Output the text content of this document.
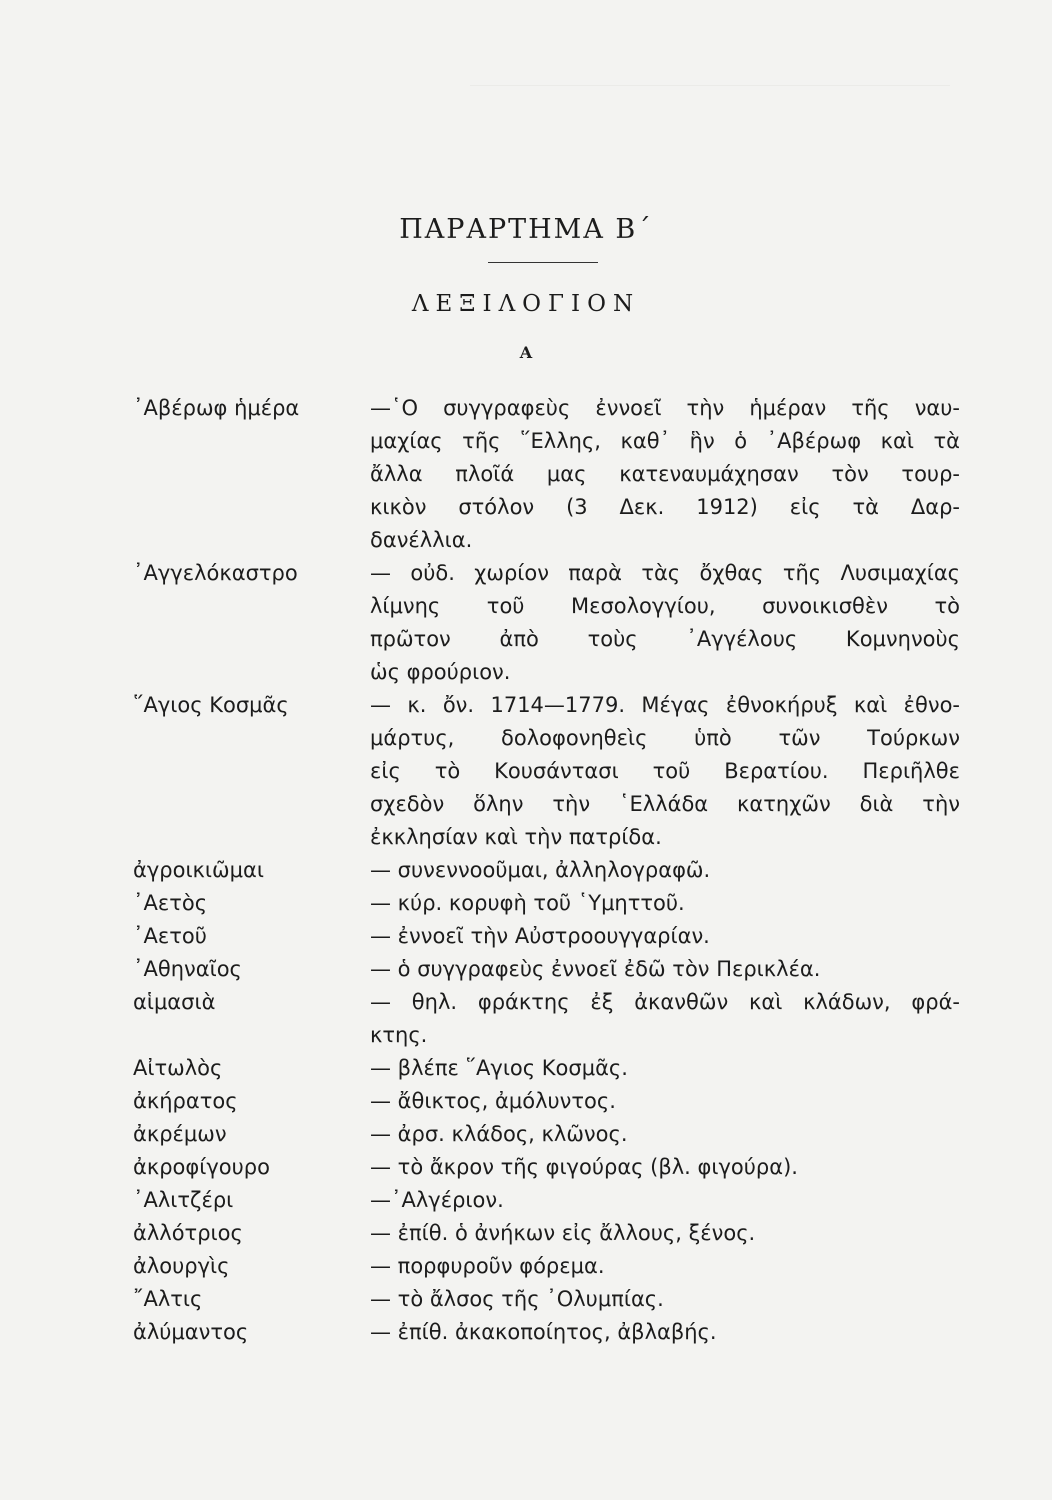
ΠΑΡΑΡΤΗΜΑ Β΄
ΛΕΞΙΛΟΓΙΟΝ
Α
᾿Αβέρωφ ἡμέρα	—῾Ο συγγραφεὺς ἐννοεῖ τὴν ἡμέραν τῆς ναυ-
μαχίας τῆς ῞Ελλης, καθ᾿ ἣν ὁ ᾿Αβέρωφ καὶ τὰ
ἄλλα πλοῖά μας κατεναυμάχησαν τὸν τουρ-
κικὸν στόλον (3 Δεκ. 1912) εἰς τὰ Δαρ-
δανέλλια.
᾿Αγγελόκαστρο	— οὐδ. χωρίον παρὰ τὰς ὄχθας τῆς Λυσιμαχίας
λίμνης τοῦ Μεσολογγίου, συνοικισθὲν τὸ
πρῶτον ἀπὸ τοὺς ᾿Αγγέλους Κομνηνοὺς
ὡς φρούριον.
῞Αγιος Κοσμᾶς	— κ. ὄν. 1714—1779. Μέγας ἐθνοκήρυξ καὶ ἐθνο-
μάρτυς, δολοφονηθεὶς ὑπὸ τῶν Τούρκων
εἰς τὸ Κουσάντασι τοῦ Βερατίου. Περιῆλθε
σχεδὸν ὅλην τὴν ῾Ελλάδα κατηχῶν διὰ τὴν
ἐκκλησίαν καὶ τὴν πατρίδα.
ἀγροικιῶμαι	— συνεννοοῦμαι, ἀλληλογραφῶ.
᾿Αετὸς	— κύρ. κορυφὴ τοῦ ῾Υμηττοῦ.
᾿Αετοῦ	— ἐννοεῖ τὴν Αὐστροουγγαρίαν.
᾿Αθηναῖος	— ὁ συγγραφεὺς ἐννοεῖ ἐδῶ τὸν Περικλέα.
αἱμασιὰ	— θηλ. φράκτης ἐξ ἀκανθῶν καὶ κλάδων, φρά-
κτης.
Αἰτωλὸς	— βλέπε ῞Αγιος Κοσμᾶς.
ἀκήρατος	— ἄθικτος, ἀμόλυντος.
ἀκρέμων	— ἀρσ. κλάδος, κλῶνος.
ἀκροφίγουρο	— τὸ ἄκρον τῆς φιγούρας (βλ. φιγούρα).
᾿Αλιτζέρι	—᾿Αλγέριον.
ἀλλότριος	— ἐπίθ. ὁ ἀνήκων εἰς ἄλλους, ξένος.
ἀλουργὶς	— πορφυροῦν φόρεμα.
῎Αλτις	— τὸ ἄλσος τῆς ᾿Ολυμπίας.
ἀλύμαντος	— ἐπίθ. ἀκακοποίητος, ἀβλαβής.
